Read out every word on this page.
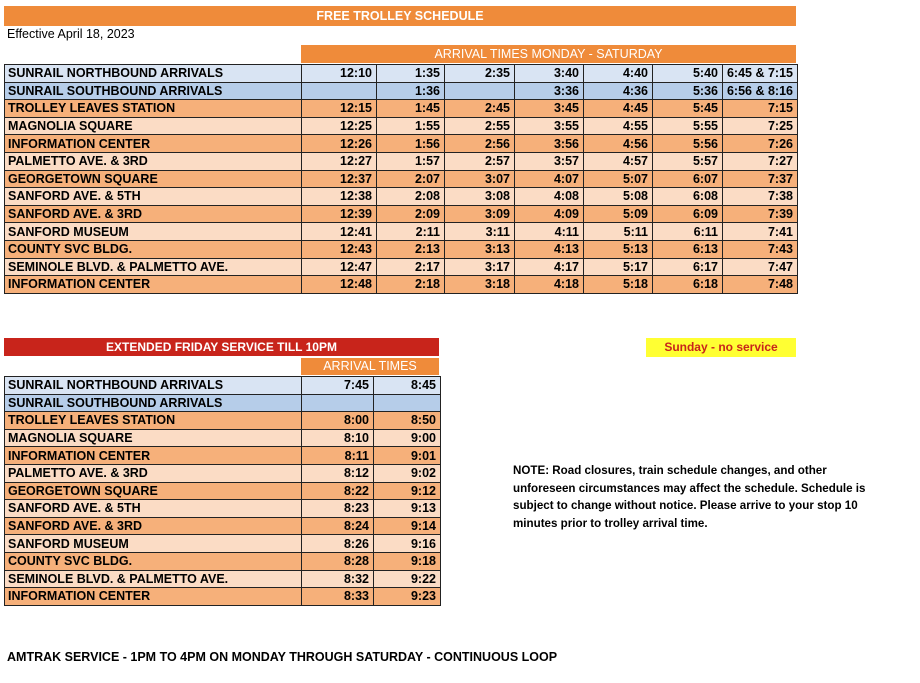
FREE TROLLEY SCHEDULE
Effective April 18, 2023
ARRIVAL TIMES MONDAY - SATURDAY
SUNRAIL NORTHBOUND ARRIVALS	12:10	1:35	2:35	3:40	4:40	5:40	6:45 & 7:15
SUNRAIL SOUTHBOUND ARRIVALS		1:36		3:36	4:36	5:36	6:56 & 8:16
TROLLEY LEAVES STATION	12:15	1:45	2:45	3:45	4:45	5:45	7:15
MAGNOLIA SQUARE	12:25	1:55	2:55	3:55	4:55	5:55	7:25
INFORMATION CENTER	12:26	1:56	2:56	3:56	4:56	5:56	7:26
PALMETTO AVE. & 3RD	12:27	1:57	2:57	3:57	4:57	5:57	7:27
GEORGETOWN SQUARE	12:37	2:07	3:07	4:07	5:07	6:07	7:37
SANFORD AVE. & 5TH	12:38	2:08	3:08	4:08	5:08	6:08	7:38
SANFORD AVE. & 3RD	12:39	2:09	3:09	4:09	5:09	6:09	7:39
SANFORD MUSEUM	12:41	2:11	3:11	4:11	5:11	6:11	7:41
COUNTY SVC BLDG.	12:43	2:13	3:13	4:13	5:13	6:13	7:43
SEMINOLE BLVD. & PALMETTO AVE.	12:47	2:17	3:17	4:17	5:17	6:17	7:47
INFORMATION CENTER	12:48	2:18	3:18	4:18	5:18	6:18	7:48
EXTENDED FRIDAY SERVICE TILL 10PM	Sunday - no service
ARRIVAL TIMES
SUNRAIL NORTHBOUND ARRIVALS	7:45	8:45
SUNRAIL SOUTHBOUND ARRIVALS		
TROLLEY LEAVES STATION	8:00	8:50
MAGNOLIA SQUARE	8:10	9:00
INFORMATION CENTER	8:11	9:01
PALMETTO AVE. & 3RD	8:12	9:02
GEORGETOWN SQUARE	8:22	9:12
SANFORD AVE. & 5TH	8:23	9:13
SANFORD AVE. & 3RD	8:24	9:14
SANFORD MUSEUM	8:26	9:16
COUNTY SVC BLDG.	8:28	9:18
SEMINOLE BLVD. & PALMETTO AVE.	8:32	9:22
INFORMATION CENTER	8:33	9:23
NOTE: Road closures, train schedule changes, and other unforeseen circumstances may affect the schedule. Schedule is subject to change without notice. Please arrive to your stop 10 minutes prior to trolley arrival time.
AMTRAK SERVICE - 1PM TO 4PM ON MONDAY THROUGH SATURDAY - CONTINUOUS LOOP
